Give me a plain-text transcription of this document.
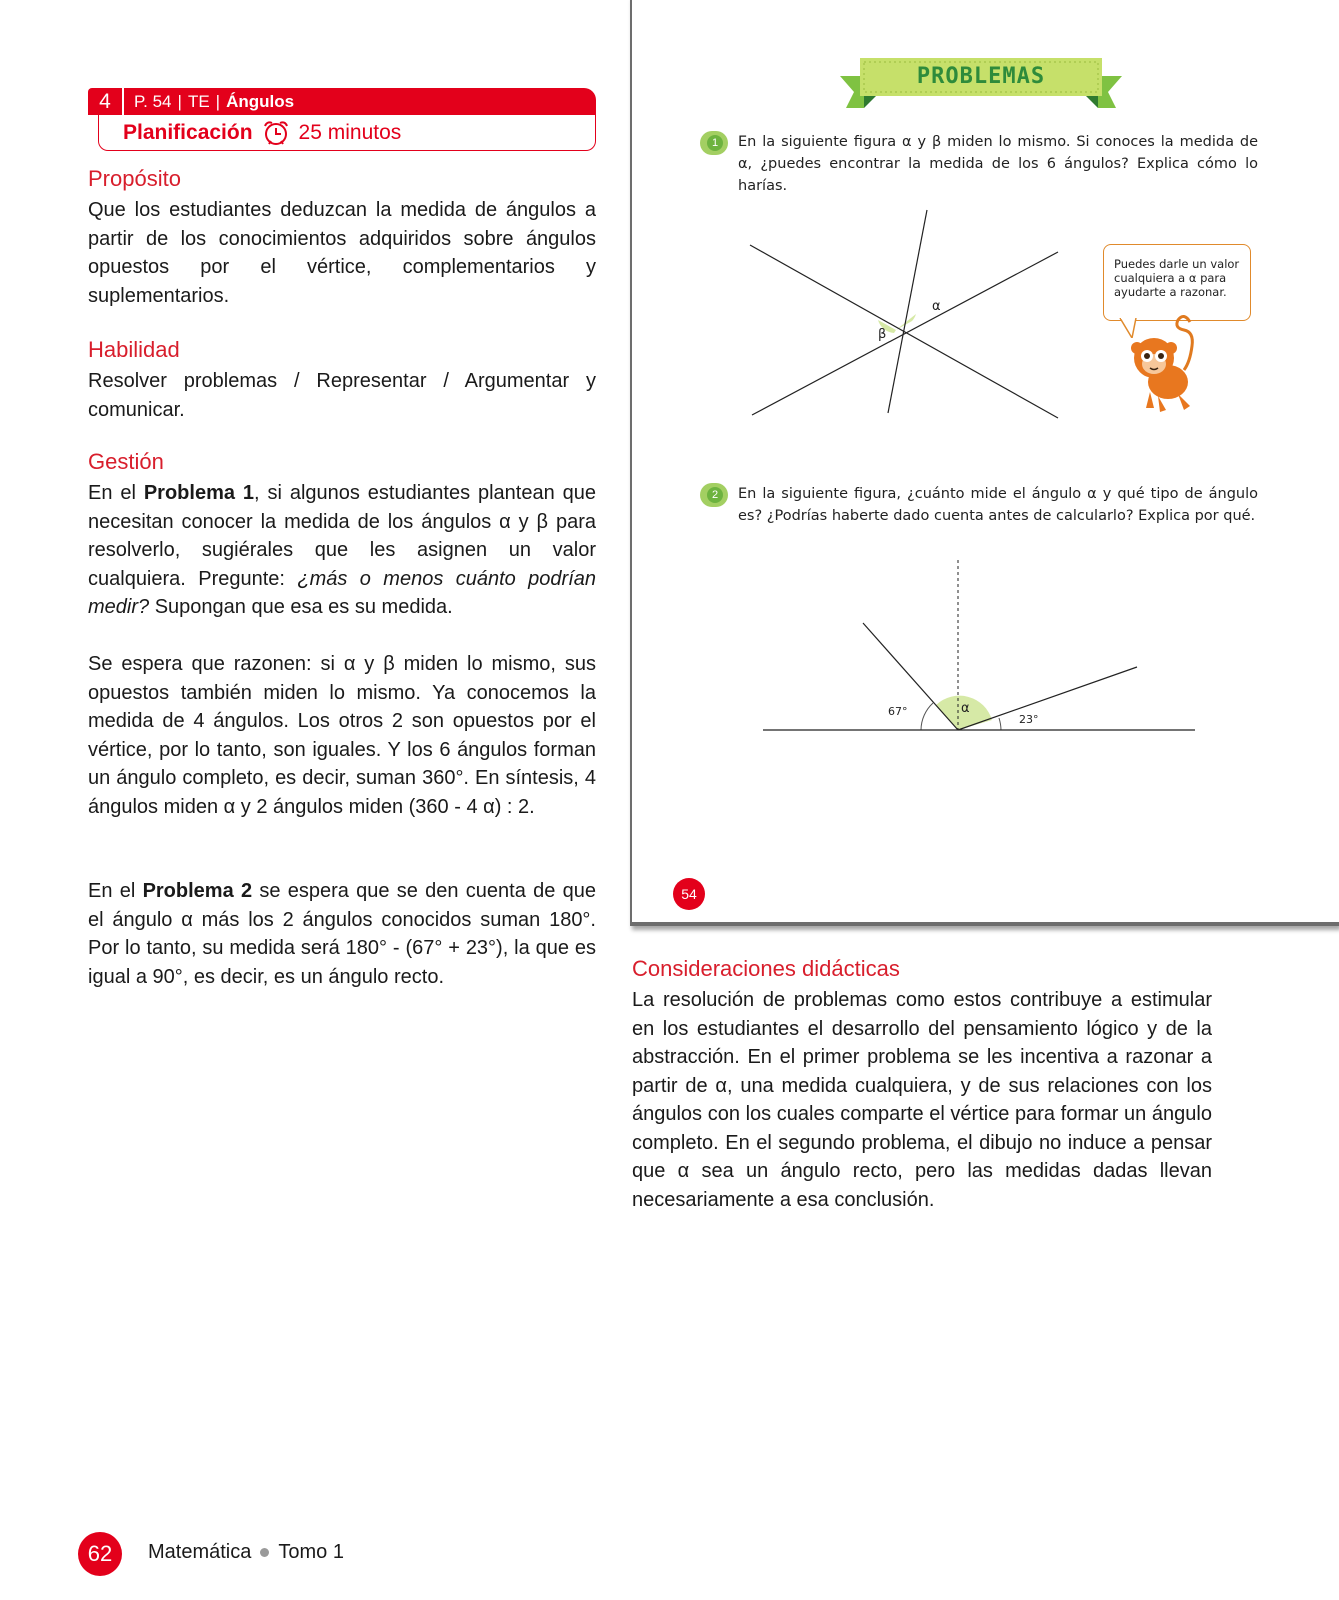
4	P. 54 | TE | Ángulos
Planificación 25 minutos
Propósito
Que los estudiantes deduzcan la medida de ángulos a partir de los conocimientos adquiridos sobre ángulos opuestos por el vértice, complementarios y suplementarios.
Habilidad
Resolver problemas / Representar / Argumentar y comunicar.
Gestión
En el Problema 1, si algunos estudiantes plantean que necesitan conocer la medida de los ángulos α y β para resolverlo, sugiérales que les asignen un valor cualquiera. Pregunte: ¿más o menos cuánto podrían medir? Supongan que esa es su medida.
Se espera que razonen: si α y β miden lo mismo, sus opuestos también miden lo mismo. Ya conocemos la medida de 4 ángulos. Los otros 2 son opuestos por el vértice, por lo tanto, son iguales. Y los 6 ángulos forman un ángulo completo, es decir, suman 360°. En síntesis, 4 ángulos miden α y 2 ángulos miden (360 - 4 α) : 2.
En el Problema 2 se espera que se den cuenta de que el ángulo α más los 2 ángulos conocidos suman 180°. Por lo tanto, su medida será 180° - (67° + 23°), la que es igual a 90°, es decir, es un ángulo recto.
PROBLEMAS
1	En la siguiente figura α y β miden lo mismo. Si conoces la medida de α, ¿puedes encontrar la medida de los 6 ángulos? Explica cómo lo harías.
α
β
Puedes darle un valor cualquiera a α para ayudarte a razonar.
2	En la siguiente figura, ¿cuánto mide el ángulo α y qué tipo de ángulo es? ¿Podrías haberte dado cuenta antes de calcularlo? Explica por qué.
67°	α
23°
54
Consideraciones didácticas
La resolución de problemas como estos contribuye a estimular en los estudiantes el desarrollo del pensamiento lógico y de la abstracción. En el primer problema se les incentiva a razonar a partir de α, una medida cualquiera, y de sus relaciones con los ángulos con los cuales comparte el vértice para formar un ángulo completo. En el segundo problema, el dibujo no induce a pensar que α sea un ángulo recto, pero las medidas dadas llevan necesariamente a esa conclusión.
62	Matemática Tomo 1
